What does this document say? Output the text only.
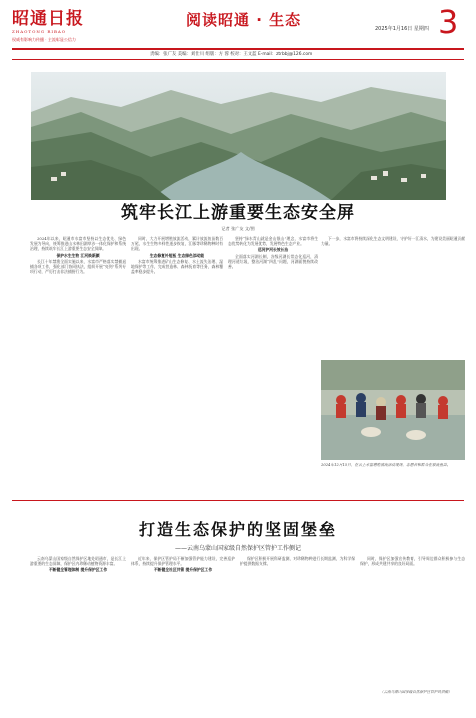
昭通日报
ZHAOTONG RIBAO
权威有影响力传播 · 主流彰显公信力
阅读昭通 · 生态	2025年1月16日 星期四 3
责编：张广友 美编：刘仕川 组版：方 蓉 校对：王文蓝 E-mail：ztrbbj@126.com
筑牢长江上游重要生态安全屏
记者 张广友 文/图

2024年以来，昭通市水富市坚持以生态优先、绿色发展为导向，统筹推进山水林田湖草沙一体化保护和系统治理，持续筑牢长江上游重要生态安全屏障。

保护水生生物 江河焕新颜

长江十年禁渔全面实施以来，水富市严格落实禁捕退捕各项工作，强化部门协同执法，组织开展“亮剑”系列专项行动，严厉打击非法捕捞行为。

同时，大力开展增殖放流活动，累计放流鱼苗数百万尾，水生生物多样性逐步恢复，江豚等珍稀物种时有出现。

生态修复补短板 生态绿色添动能

水富市统筹推进矿山生态修复、水土流失治理、湿地保护等工作，完成营造林、森林抚育等任务，森林覆盖率稳步提升。

坚持“绿水青山就是金山银山”理念，水富市将生态优势转化为发展优势，发展特色生态产业。

巡河护河长效长治

全面落实河湖长制，各级河湖长常态化巡河，清理河道垃圾，整治河湖“四乱”问题，河湖面貌持续改善。

下一步，水富市将持续深化生态文明建设，守护好一江清水，为建设美丽昭通贡献力量。

2024年12月15日，在云上水富增殖放流活动现场，志愿者和群众在放流鱼苗。
打造生态保护的坚固堡垒
——云南乌蒙山国家级自然保护区管护工作侧记

云南乌蒙山国家级自然保护区地处昭通市，是长江上游重要的生态屏障，保护区内珍稀动植物资源丰富。

不断健全管理体制 提升保护区工作

近年来，保护区管护局不断加强管护能力建设，完善巡护体系，持续提升保护管理水平。

不断健全社区共管 提升保护区工作

保护区积极开展科研监测，对珍稀物种进行长期监测，为科学保护提供数据支撑。

同时，保护区加强宣传教育，引导周边群众积极参与生态保护，形成共建共享的良好局面。

（云南乌蒙山国家级自然保护区管护局供稿）
